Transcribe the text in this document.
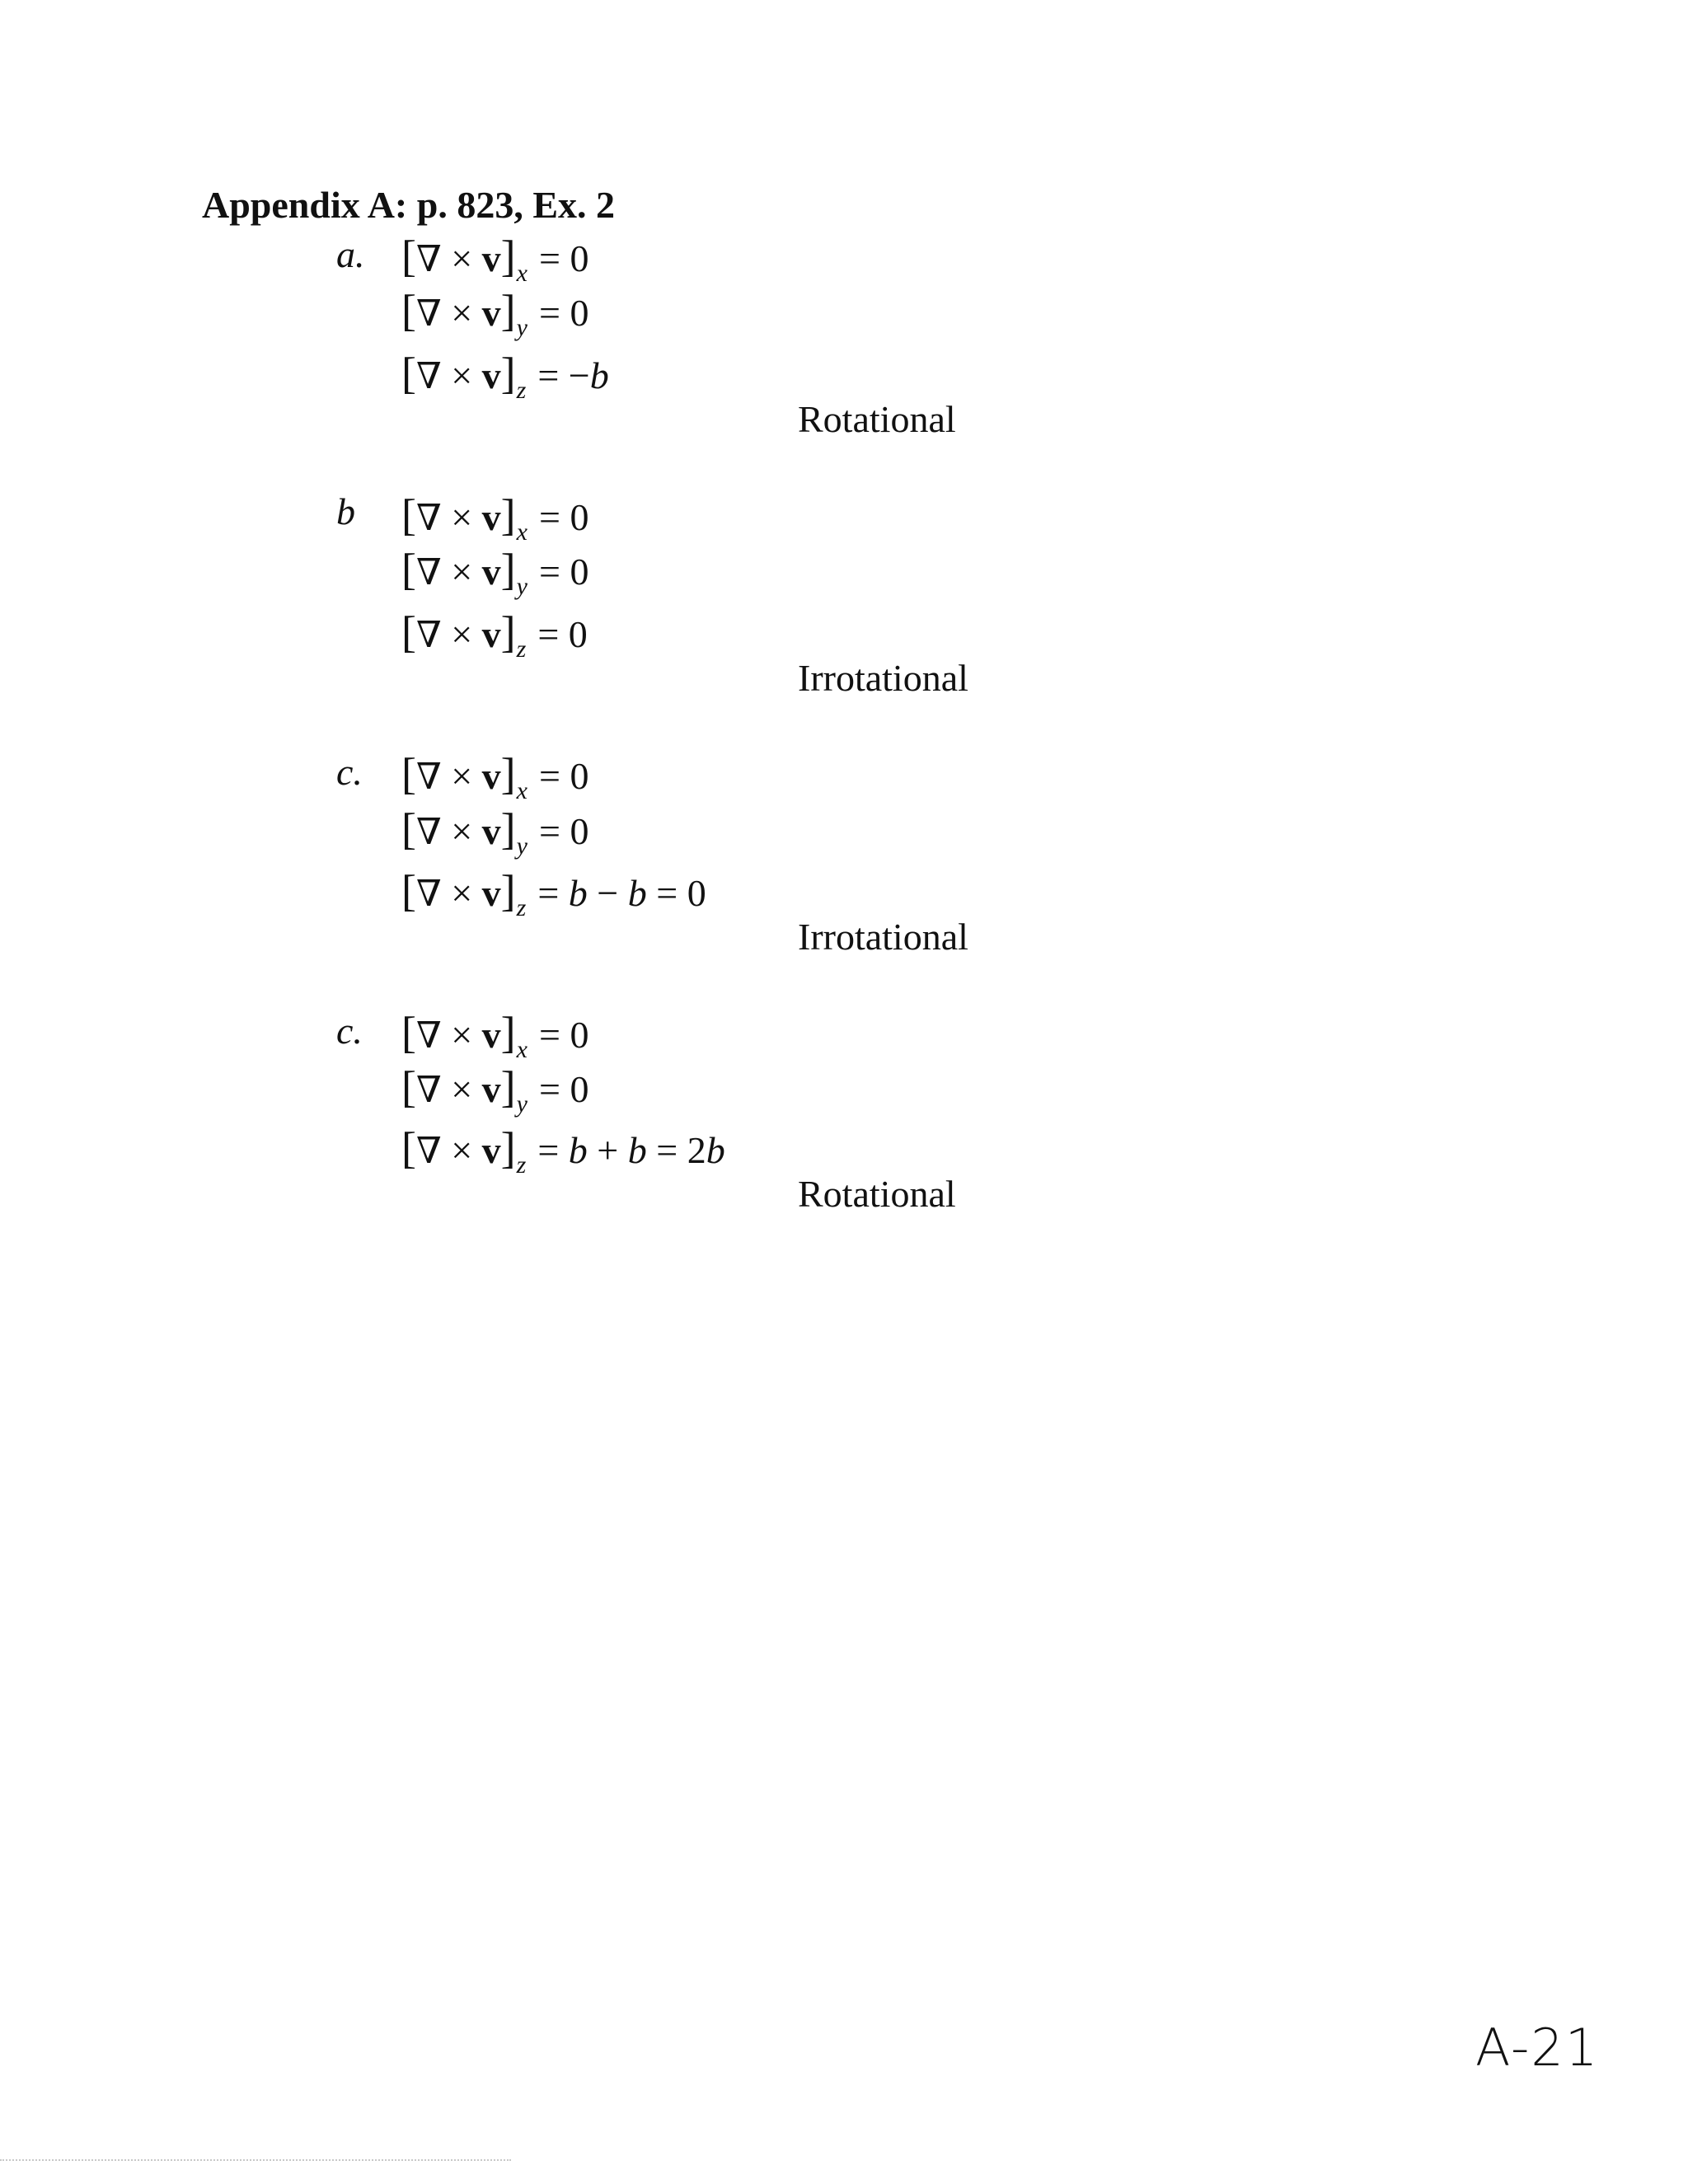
Appendix A: p. 823, Ex. 2
a. [∇ × $v]_x = 0$
[∇ × $v]_y = 0$
[∇ × $v]_z = -b$
Rotational
b [∇ × $v]_x = 0$
[∇ × $v]_y = 0$
[∇ × $v]_z = 0$
Irrotational
c. [∇ × $v]_x = 0$
[∇ × $v]_y = 0$
[∇ × $v]_z = b - b = 0$
Irrotational
c. [∇ × $v]_x = 0$
[∇ × $v]_y = 0$
[∇ × $v]_z = b + b = 2b$
Rotational
A-21
